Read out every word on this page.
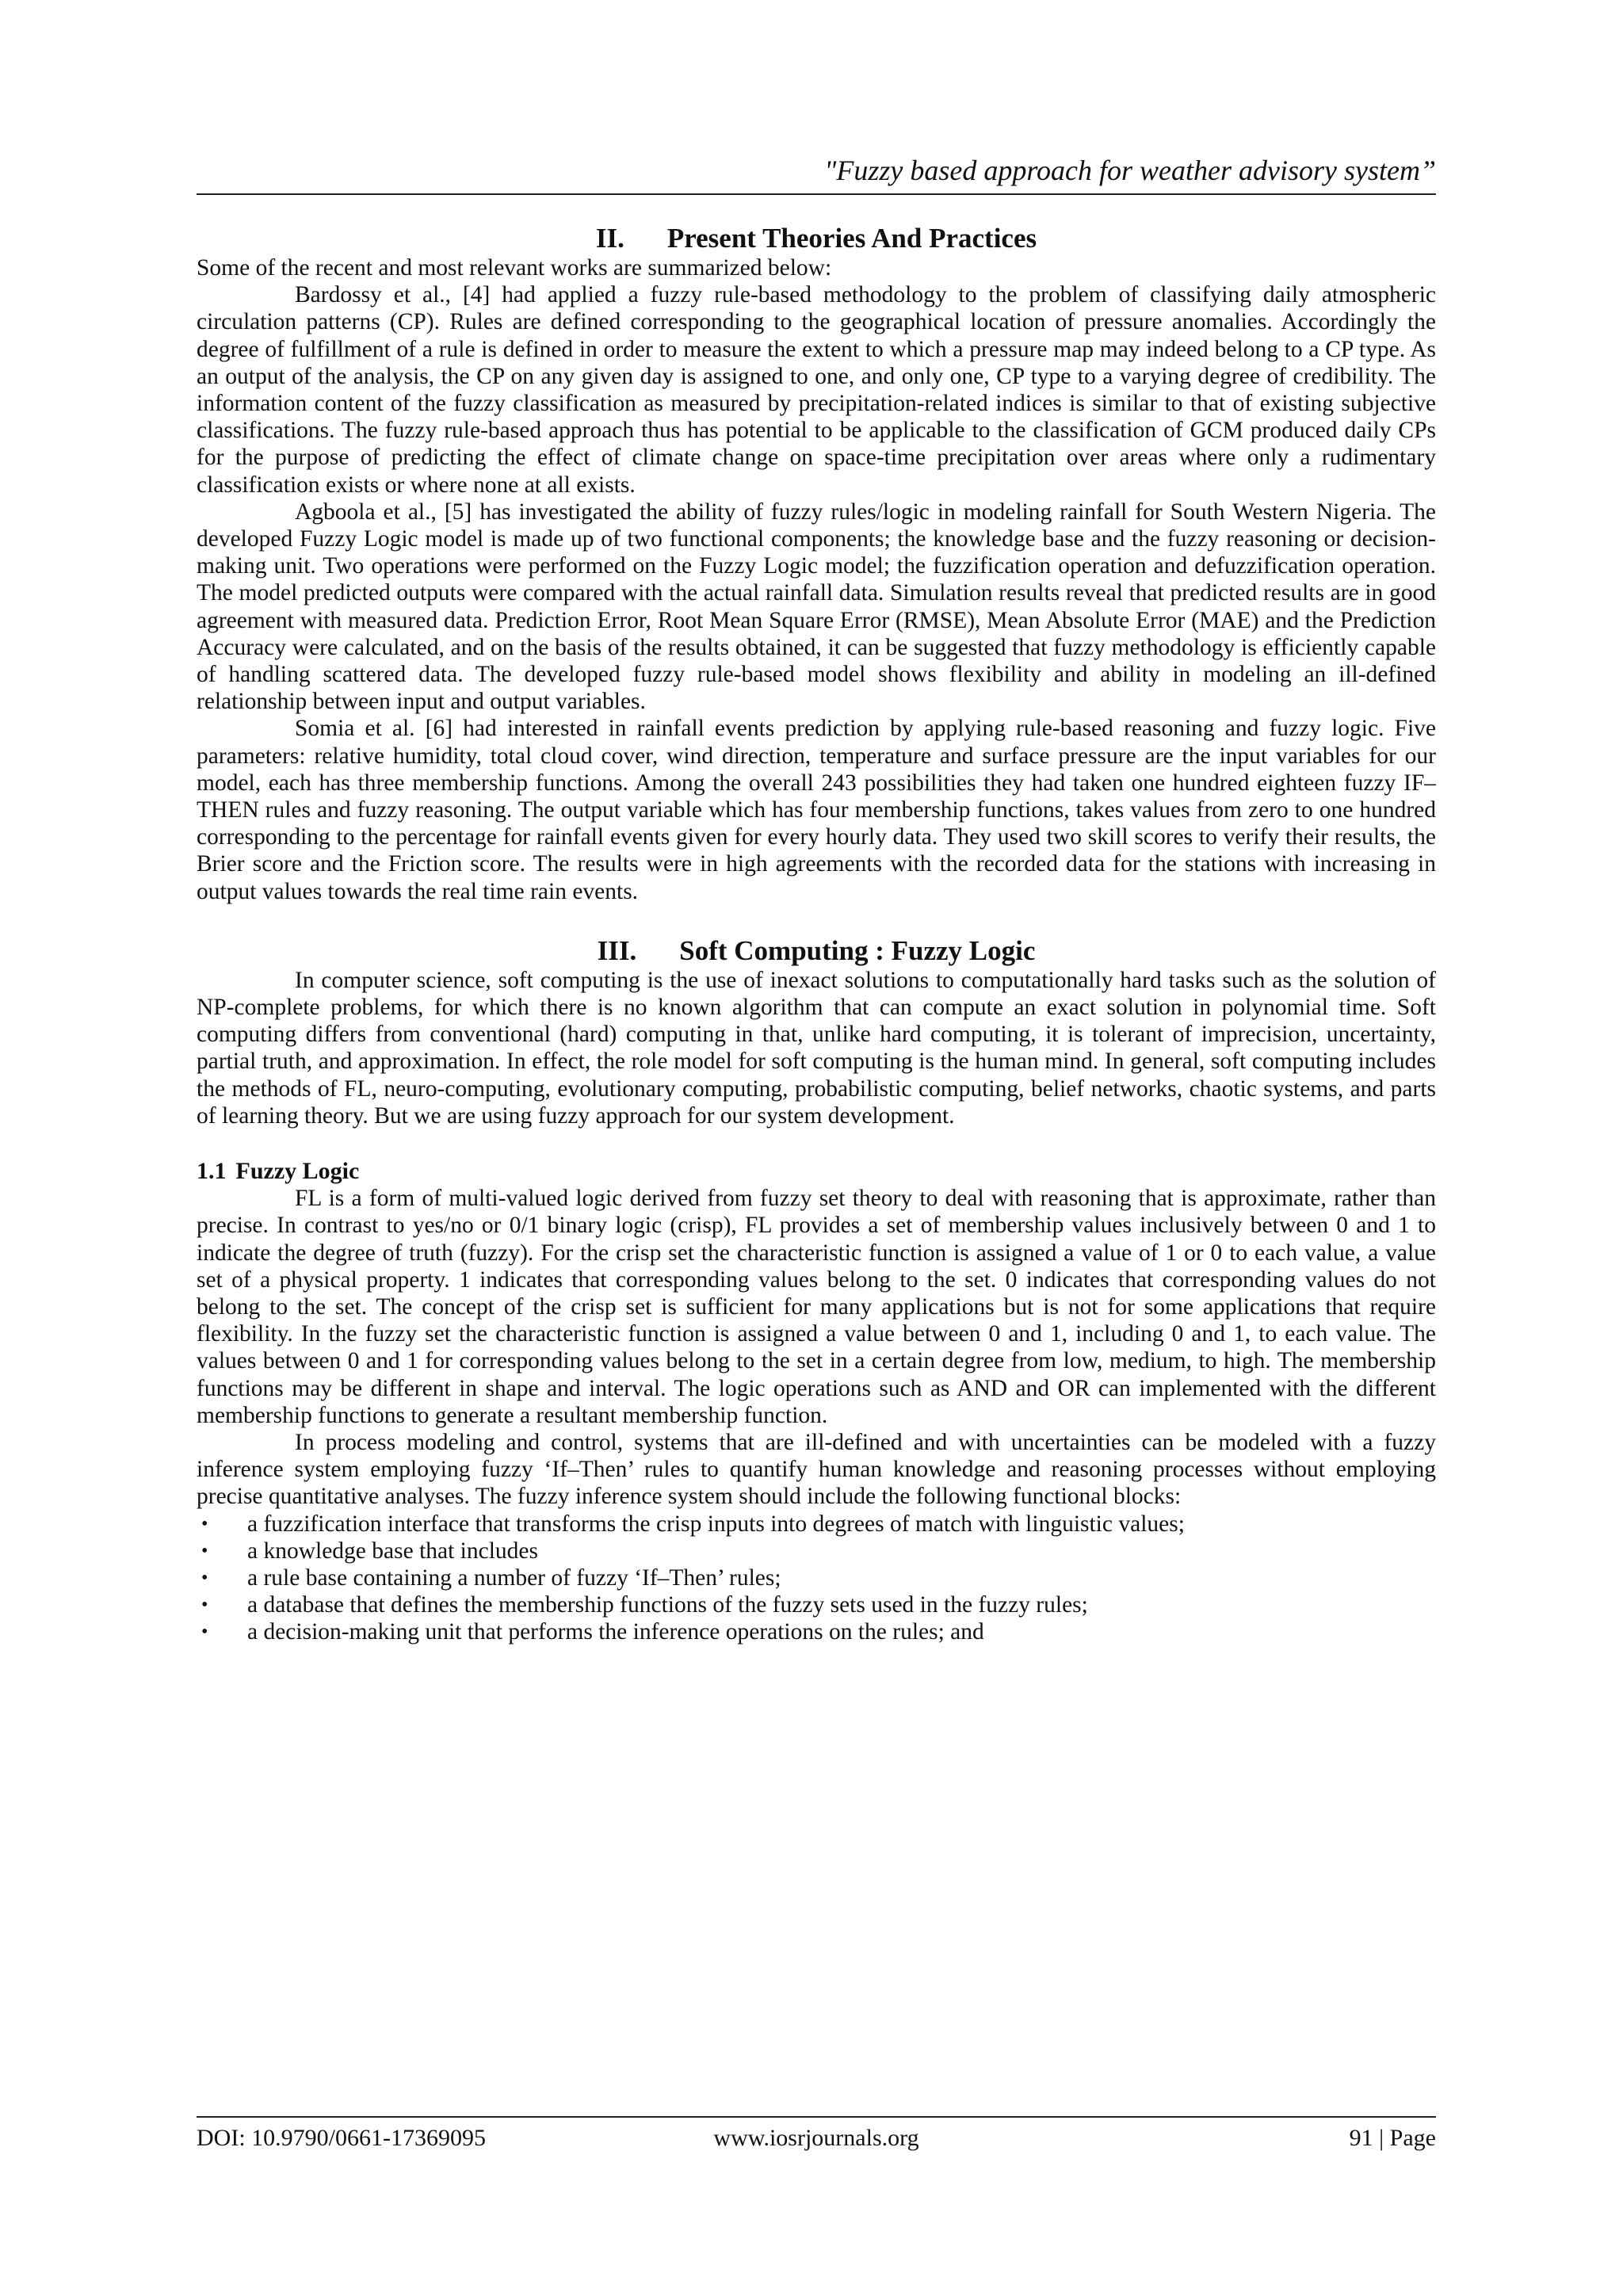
"Fuzzy based approach for weather advisory system”
II. Present Theories And Practices

Some of the recent and most relevant works are summarized below:

Bardossy et al., [4] had applied a fuzzy rule-based methodology to the problem of classifying daily atmospheric circulation patterns (CP). Rules are defined corresponding to the geographical location of pressure anomalies. Accordingly the degree of fulfillment of a rule is defined in order to measure the extent to which a pressure map may indeed belong to a CP type. As an output of the analysis, the CP on any given day is assigned to one, and only one, CP type to a varying degree of credibility. The information content of the fuzzy classification as measured by precipitation-related indices is similar to that of existing subjective classifications. The fuzzy rule-based approach thus has potential to be applicable to the classification of GCM produced daily CPs for the purpose of predicting the effect of climate change on space-time precipitation over areas where only a rudimentary classification exists or where none at all exists.

Agboola et al., [5] has investigated the ability of fuzzy rules/logic in modeling rainfall for South Western Nigeria. The developed Fuzzy Logic model is made up of two functional components; the knowledge base and the fuzzy reasoning or decision-making unit. Two operations were performed on the Fuzzy Logic model; the fuzzification operation and defuzzification operation. The model predicted outputs were compared with the actual rainfall data. Simulation results reveal that predicted results are in good agreement with measured data. Prediction Error, Root Mean Square Error (RMSE), Mean Absolute Error (MAE) and the Prediction Accuracy were calculated, and on the basis of the results obtained, it can be suggested that fuzzy methodology is efficiently capable of handling scattered data. The developed fuzzy rule-based model shows flexibility and ability in modeling an ill-defined relationship between input and output variables.

Somia et al. [6] had interested in rainfall events prediction by applying rule-based reasoning and fuzzy logic. Five parameters: relative humidity, total cloud cover, wind direction, temperature and surface pressure are the input variables for our model, each has three membership functions. Among the overall 243 possibilities they had taken one hundred eighteen fuzzy IF–THEN rules and fuzzy reasoning. The output variable which has four membership functions, takes values from zero to one hundred corresponding to the percentage for rainfall events given for every hourly data. They used two skill scores to verify their results, the Brier score and the Friction score. The results were in high agreements with the recorded data for the stations with increasing in output values towards the real time rain events.

III. Soft Computing : Fuzzy Logic

In computer science, soft computing is the use of inexact solutions to computationally hard tasks such as the solution of NP-complete problems, for which there is no known algorithm that can compute an exact solution in polynomial time. Soft computing differs from conventional (hard) computing in that, unlike hard computing, it is tolerant of imprecision, uncertainty, partial truth, and approximation. In effect, the role model for soft computing is the human mind. In general, soft computing includes the methods of FL, neuro-computing, evolutionary computing, probabilistic computing, belief networks, chaotic systems, and parts of learning theory. But we are using fuzzy approach for our system development.

1.1 Fuzzy Logic

FL is a form of multi-valued logic derived from fuzzy set theory to deal with reasoning that is approximate, rather than precise. In contrast to yes/no or 0/1 binary logic (crisp), FL provides a set of membership values inclusively between 0 and 1 to indicate the degree of truth (fuzzy). For the crisp set the characteristic function is assigned a value of 1 or 0 to each value, a value set of a physical property. 1 indicates that corresponding values belong to the set. 0 indicates that corresponding values do not belong to the set. The concept of the crisp set is sufficient for many applications but is not for some applications that require flexibility. In the fuzzy set the characteristic function is assigned a value between 0 and 1, including 0 and 1, to each value. The values between 0 and 1 for corresponding values belong to the set in a certain degree from low, medium, to high. The membership functions may be different in shape and interval. The logic operations such as AND and OR can implemented with the different membership functions to generate a resultant membership function.

In process modeling and control, systems that are ill-defined and with uncertainties can be modeled with a fuzzy inference system employing fuzzy ‘If–Then’ rules to quantify human knowledge and reasoning processes without employing precise quantitative analyses. The fuzzy inference system should include the following functional blocks:

• a fuzzification interface that transforms the crisp inputs into degrees of match with linguistic values;
• a knowledge base that includes
• a rule base containing a number of fuzzy ‘If–Then’ rules;
• a database that defines the membership functions of the fuzzy sets used in the fuzzy rules;
• a decision-making unit that performs the inference operations on the rules; and
DOI: 10.9790/0661-17369095	www.iosrjournals.org	91 | Page
